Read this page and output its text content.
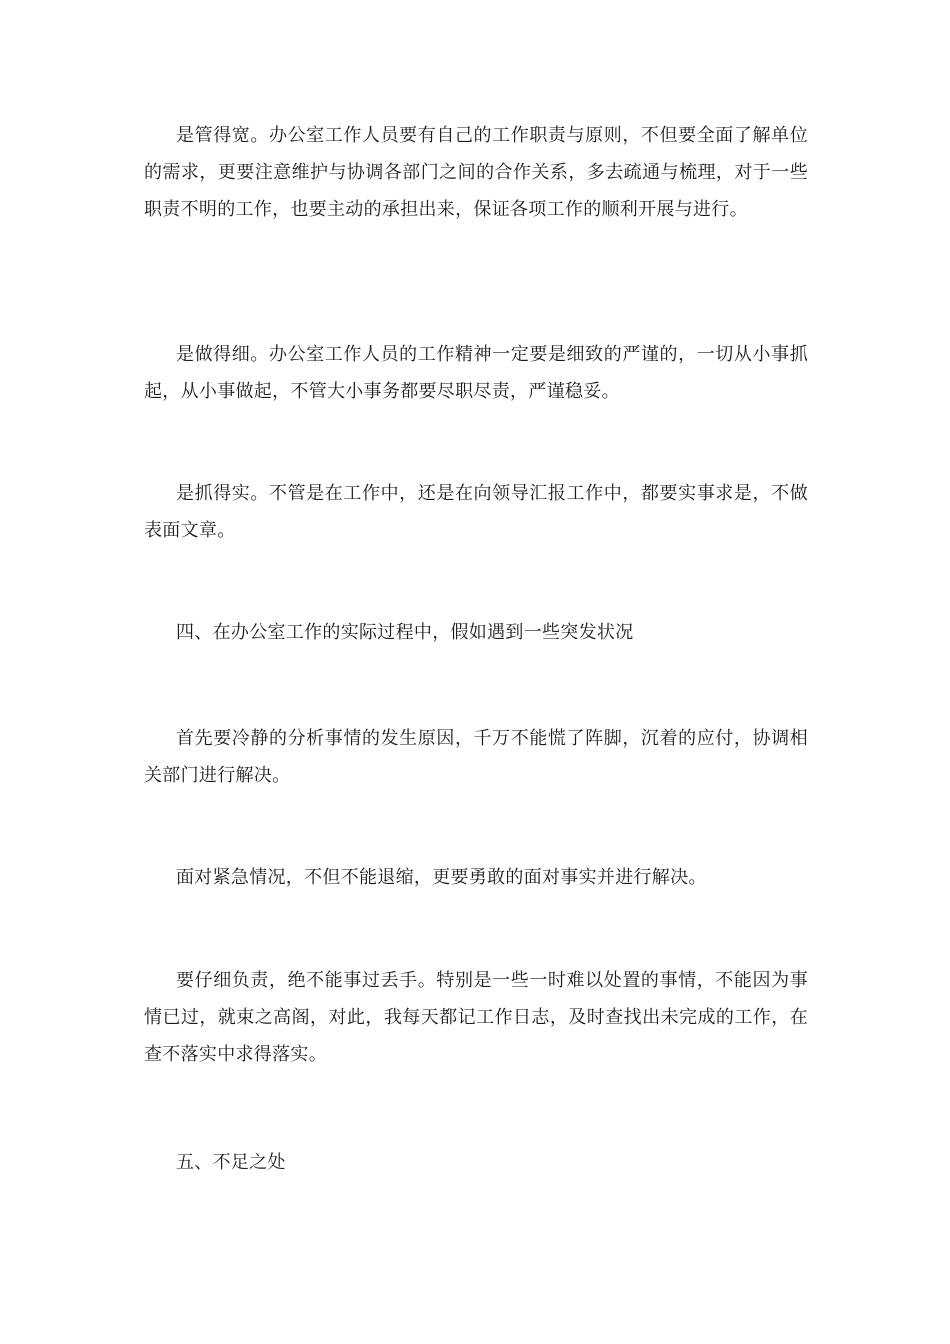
是管得宽。办公室工作人员要有自己的工作职责与原则，不但要全面了解单位的需求，更要注意维护与协调各部门之间的合作关系，多去疏通与梳理，对于一些职责不明的工作，也要主动的承担出来，保证各项工作的顺利开展与进行。

是做得细。办公室工作人员的工作精神一定要是细致的严谨的，一切从小事抓起，从小事做起，不管大小事务都要尽职尽责，严谨稳妥。

是抓得实。不管是在工作中，还是在向领导汇报工作中，都要实事求是，不做表面文章。

四、在办公室工作的实际过程中，假如遇到一些突发状况

首先要冷静的分析事情的发生原因，千万不能慌了阵脚，沉着的应付，协调相关部门进行解决。

面对紧急情况，不但不能退缩，更要勇敢的面对事实并进行解决。

要仔细负责，绝不能事过丢手。特别是一些一时难以处置的事情，不能因为事情已过，就束之高阁，对此，我每天都记工作日志，及时查找出未完成的工作，在查不落实中求得落实。

五、不足之处
